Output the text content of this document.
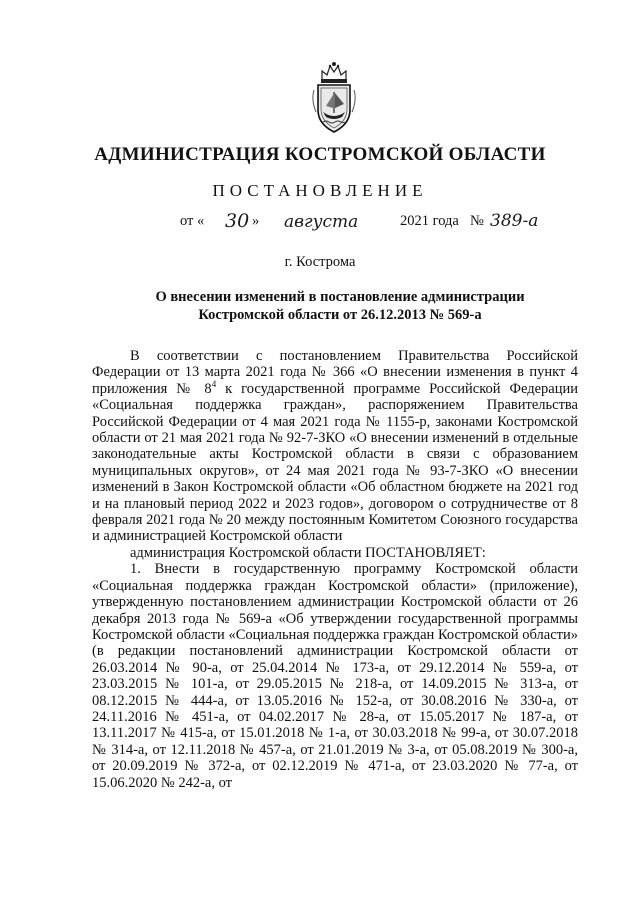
АДМИНИСТРАЦИЯ КОСТРОМСКОЙ ОБЛАСТИ
ПОСТАНОВЛЕНИЕ
от « 30 » августа	2021 года № 389-а
г. Кострома
О внесении изменений в постановление администрации Костромской области от 26.12.2013 № 569-а

В соответствии с постановлением Правительства Российской Федерации от 13 марта 2021 года № 366 «О внесении изменения в пункт 4 приложения № $8^4$ к государственной программе Российской Федерации «Социальная поддержка граждан», распоряжением Правительства Российской Федерации от 4 мая 2021 года № 1155-р, законами Костромской области от 21 мая 2021 года № 92-7-ЗКО «О внесении изменений в отдельные законодательные акты Костромской области в связи с образованием муниципальных округов», от 24 мая 2021 года № 93-7-ЗКО «О внесении изменений в Закон Костромской области «Об областном бюджете на 2021 год и на плановый период 2022 и 2023 годов», договором о сотрудничестве от 8 февраля 2021 года № 20 между постоянным Комитетом Союзного государства и администрацией Костромской области

администрация Костромской области ПОСТАНОВЛЯЕТ:

1. Внести в государственную программу Костромской области «Социальная поддержка граждан Костромской области» (приложение), утвержденную постановлением администрации Костромской области от 26 декабря 2013 года № 569-а «Об утверждении государственной программы Костромской области «Социальная поддержка граждан Костромской области» (в редакции постановлений администрации Костромской области от 26.03.2014 № 90-а, от 25.04.2014 № 173-а, от 29.12.2014 № 559-а, от 23.03.2015 № 101-а, от 29.05.2015 № 218-а, от 14.09.2015 № 313-а, от 08.12.2015 № 444-а, от 13.05.2016 № 152-а, от 30.08.2016 № 330-а, от 24.11.2016 № 451-а, от 04.02.2017 № 28-а, от 15.05.2017 № 187-а, от 13.11.2017 № 415-а, от 15.01.2018 № 1-а, от 30.03.2018 № 99-а, от 30.07.2018 № 314-а, от 12.11.2018 № 457-а, от 21.01.2019 № 3-а, от 05.08.2019 № 300-а, от 20.09.2019 № 372-а, от 02.12.2019 № 471-а, от 23.03.2020 № 77-а, от 15.06.2020 № 242-а, от
